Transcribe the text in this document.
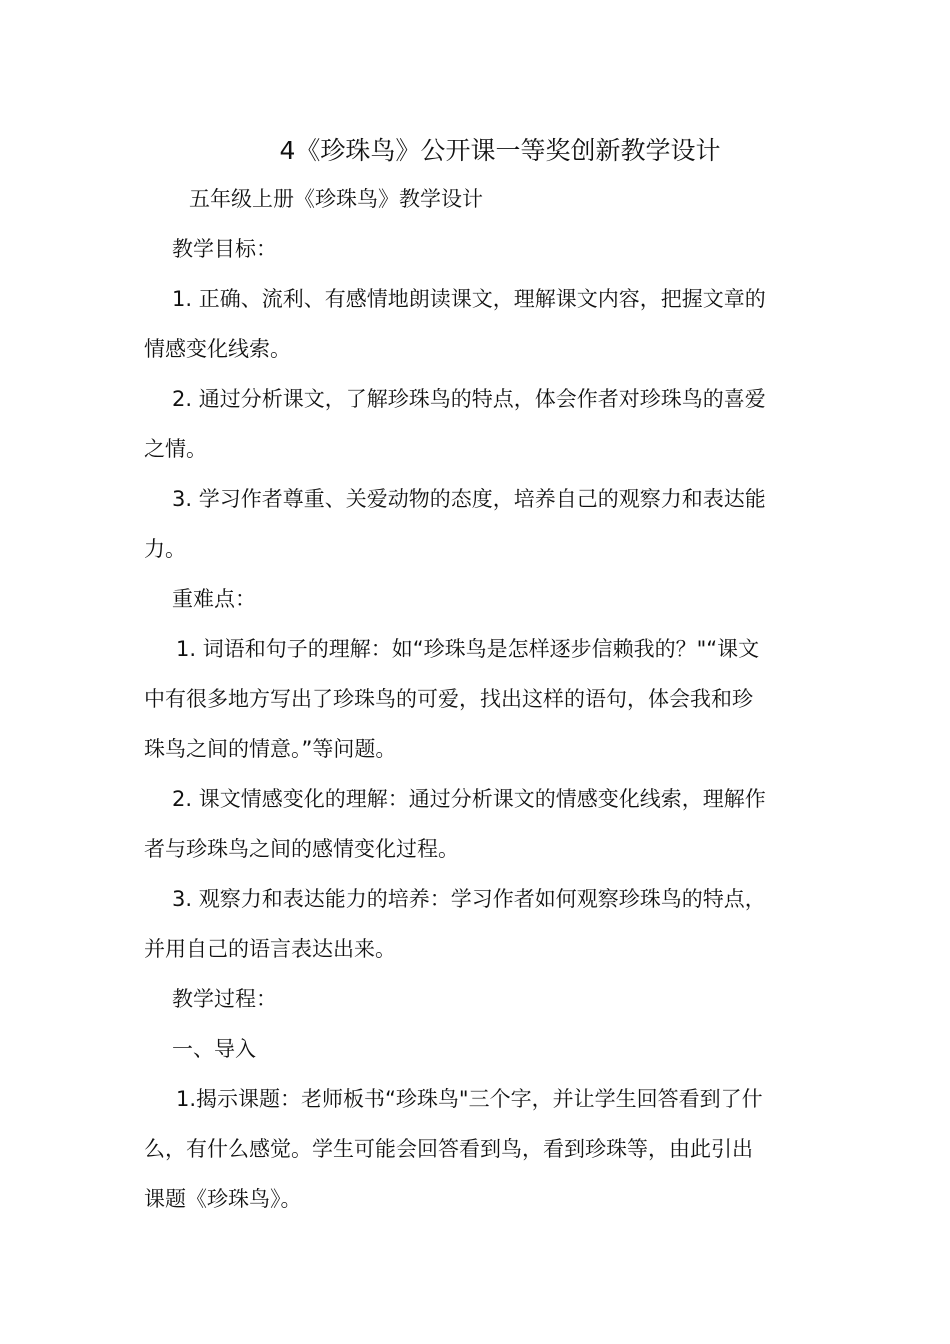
4《珍珠鸟》公开课一等奖创新教学设计
五年级上册《珍珠鸟》教学设计
教学目标：
1. 正确、流利、有感情地朗读课文，理解课文内容，把握文章的
情感变化线索。
2. 通过分析课文，了解珍珠鸟的特点，体会作者对珍珠鸟的喜爱
之情。
3. 学习作者尊重、关爱动物的态度，培养自己的观察力和表达能
力。
重难点：
1. 词语和句子的理解：如“珍珠鸟是怎样逐步信赖我的？"“课文
中有很多地方写出了珍珠鸟的可爱，找出这样的语句，体会我和珍
珠鸟之间的情意。”等问题。
2. 课文情感变化的理解：通过分析课文的情感变化线索，理解作
者与珍珠鸟之间的感情变化过程。
3. 观察力和表达能力的培养：学习作者如何观察珍珠鸟的特点，
并用自己的语言表达出来。
教学过程：
一、导入
1.揭示课题：老师板书“珍珠鸟"三个字，并让学生回答看到了什
么，有什么感觉。学生可能会回答看到鸟，看到珍珠等，由此引出
课题《珍珠鸟》。
